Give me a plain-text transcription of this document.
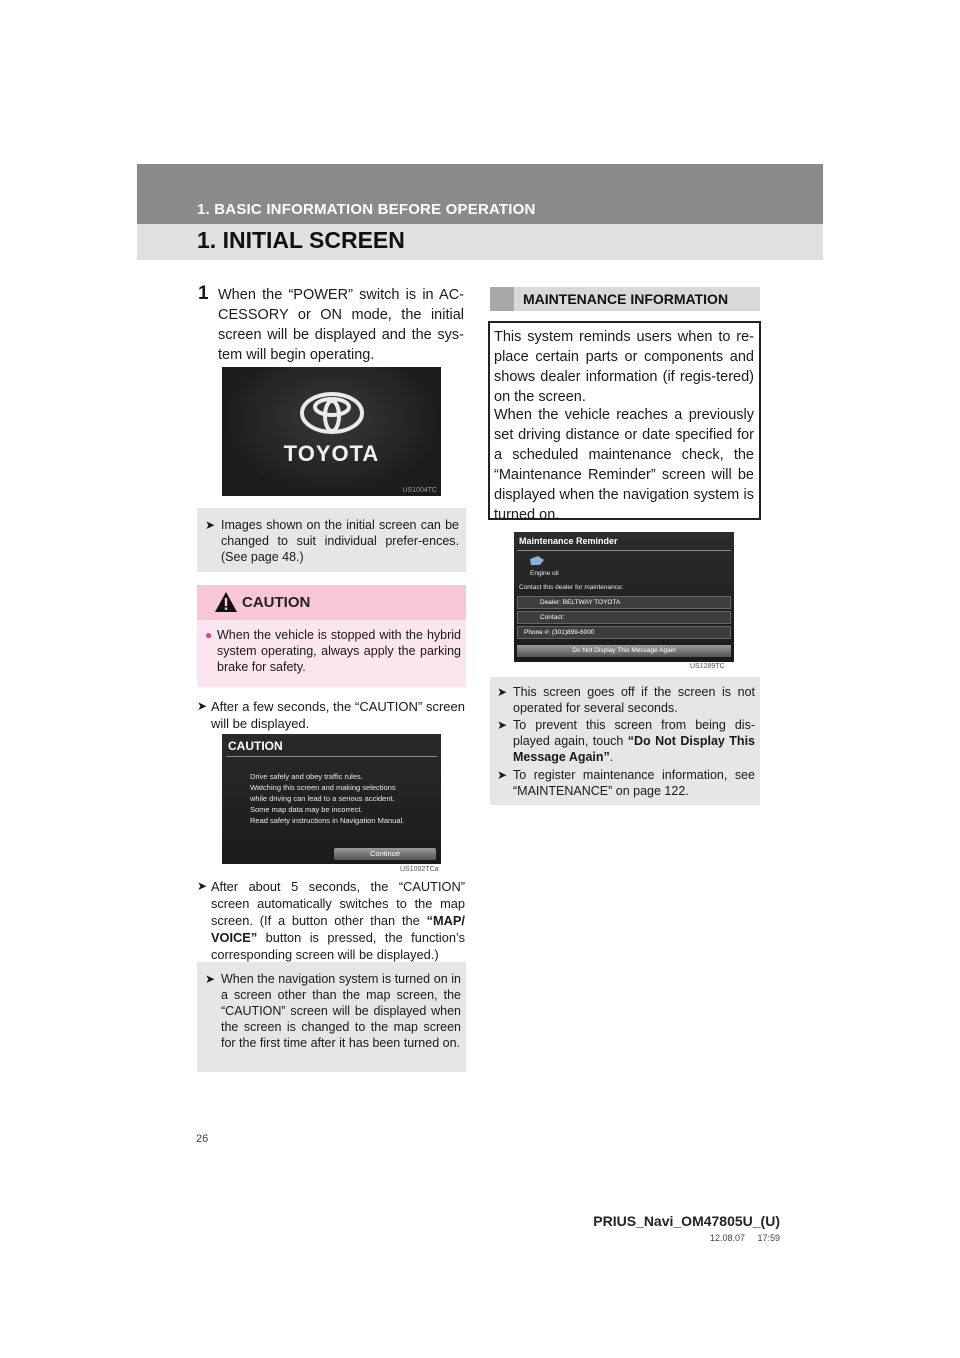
1. BASIC INFORMATION BEFORE OPERATION
1. INITIAL SCREEN
1 When the “POWER” switch is in AC-CESSORY or ON mode, the initial screen will be displayed and the sys-tem will begin operating.
TOYOTA
US1004TC
➤ Images shown on the initial screen can be changed to suit individual prefer-ences. (See page 48.)
CAUTION
● When the vehicle is stopped with the hybrid system operating, always apply the parking brake for safety.
➤ After a few seconds, the “CAUTION” screen will be displayed.
CAUTION
Drive safely and obey traffic rules.
Watching this screen and making selections
while driving can lead to a serious accident.
Some map data may be incorrect.
Read safety instructions in Navigation Manual.
Continue
US1002TCa
➤ After about 5 seconds, the “CAUTION” screen automatically switches to the map screen. (If a button other than the “MAP/ VOICE” button is pressed, the function’s corresponding screen will be displayed.)
➤ When the navigation system is turned on in a screen other than the map screen, the “CAUTION” screen will be displayed when the screen is changed to the map screen for the first time after it has been turned on.
MAINTENANCE INFORMATION
This system reminds users when to re-place certain parts or components and shows dealer information (if regis-tered) on the screen.
When the vehicle reaches a previously set driving distance or date specified for a scheduled maintenance check, the “Maintenance Reminder” screen will be displayed when the navigation system is turned on.
Maintenance Reminder
Engine oil
Contact this dealer for maintenance:
Dealer: BELTWAY TOYOTA
Contact:
Phone #: (301)899-6000
Do Not Display This Message Again
US1289TC
➤ This screen goes off if the screen is not operated for several seconds.
➤ To prevent this screen from being dis-played again, touch “Do Not Display This Message Again”.
➤ To register maintenance information, see “MAINTENANCE” on page 122.
26
PRIUS_Navi_OM47805U_(U)
12.08.07     17:59
